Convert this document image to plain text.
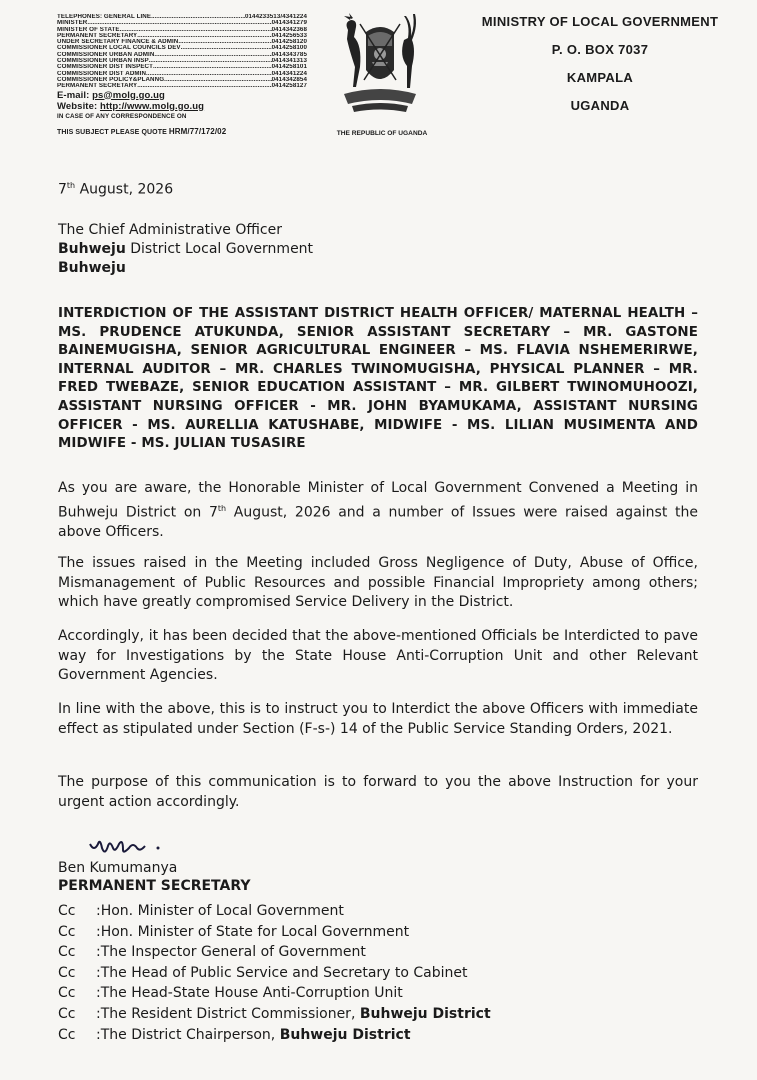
TELEPHONES: GENERAL LINE .....	0144233513/4341224
MINISTER .....	0414341279
MINISTER OF STATE .....	0414342368
PERMANENT SECRETARY .....	0414256533
UNDER SECRETARY FINANCE & ADMIN .....	0414258120
COMMISSIONER LOCAL COUNCILS DEV .....	0414258100
COMMISSIONER URBAN ADMIN .....	0414343785
COMMISSIONER URBAN INSP .....	0414341313
COMMISSIONER DIST INSPECT .....	0414258101
COMMISSIONER DIST ADMIN .....	0414341224
COMMISSIONER POLICY&PLANNG. .....	0414342854
PERMANENT SECRETARY .....	0414258127
E-mail: ps@molg.go.ug
Website: http://www.molg.go.ug
IN CASE OF ANY CORRESPONDENCE ON
THIS SUBJECT PLEASE QUOTE HRM/77/172/02	THE REPUBLIC OF UGANDA
MINISTRY OF LOCAL GOVERNMENT
P. O. BOX 7037
KAMPALA
UGANDA
7th August, 2026
The Chief Administrative Officer
Buhweju District Local Government
Buhweju
INTERDICTION OF THE ASSISTANT DISTRICT HEALTH OFFICER/ MATERNAL HEALTH – MS. PRUDENCE ATUKUNDA, SENIOR ASSISTANT SECRETARY – MR. GASTONE BAINEMUGISHA, SENIOR AGRICULTURAL ENGINEER – MS. FLAVIA NSHEMERIRWE, INTERNAL AUDITOR – MR. CHARLES TWINOMUGISHA, PHYSICAL PLANNER – MR. FRED TWEBAZE, SENIOR EDUCATION ASSISTANT – MR. GILBERT TWINOMUHOOZI, ASSISTANT NURSING OFFICER - MR. JOHN BYAMUKAMA, ASSISTANT NURSING OFFICER - MS. AURELLIA KATUSHABE, MIDWIFE - MS. LILIAN MUSIMENTA AND MIDWIFE - MS. JULIAN TUSASIRE
As you are aware, the Honorable Minister of Local Government Convened a Meeting in Buhweju District on 7th August, 2026 and a number of Issues were raised against the above Officers.
The issues raised in the Meeting included Gross Negligence of Duty, Abuse of Office, Mismanagement of Public Resources and possible Financial Impropriety among others; which have greatly compromised Service Delivery in the District.
Accordingly, it has been decided that the above-mentioned Officials be Interdicted to pave way for Investigations by the State House Anti-Corruption Unit and other Relevant Government Agencies.
In line with the above, this is to instruct you to Interdict the above Officers with immediate effect as stipulated under Section (F-s-) 14 of the Public Service Standing Orders, 2021.
The purpose of this communication is to forward to you the above Instruction for your urgent action accordingly.
Ben Kumumanya
PERMANENT SECRETARY
Cc :Hon. Minister of Local Government
Cc :Hon. Minister of State for Local Government
Cc :The Inspector General of Government
Cc :The Head of Public Service and Secretary to Cabinet
Cc :The Head-State House Anti-Corruption Unit
Cc :The Resident District Commissioner, Buhweju District
Cc :The District Chairperson, Buhweju District
